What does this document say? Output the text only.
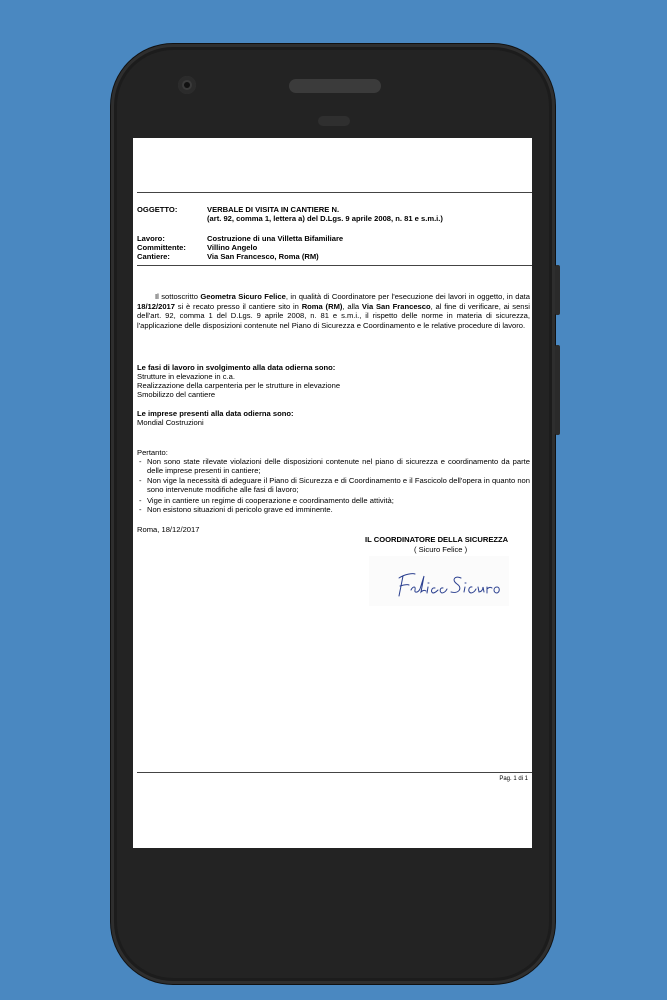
OGGETTO:	VERBALE DI VISITA IN CANTIERE N.
(art. 92, comma 1, lettera a) del D.Lgs. 9 aprile 2008, n. 81 e s.m.i.)
Lavoro:	Costruzione di una Villetta Bifamiliare
Committente:	Villino Angelo
Cantiere:	Via San Francesco, Roma (RM)
Il sottoscritto Geometra Sicuro Felice, in qualità di Coordinatore per l'esecuzione dei lavori in oggetto, in data 18/12/2017 si è recato presso il cantiere sito in Roma (RM), alla Via San Francesco, al fine di verificare, ai sensi dell'art. 92, comma 1 del D.Lgs. 9 aprile 2008, n. 81 e s.m.i., il rispetto delle norme in materia di sicurezza, l'applicazione delle disposizioni contenute nel Piano di Sicurezza e Coordinamento e le relative procedure di lavoro.
Le fasi di lavoro in svolgimento alla data odierna sono:
Strutture in elevazione in c.a.
Realizzazione della carpenteria per le strutture in elevazione
Smobilizzo del cantiere
Le imprese presenti alla data odierna sono:
Mondial Costruzioni
Pertanto:
- Non sono state rilevate violazioni delle disposizioni contenute nel piano di sicurezza e coordinamento da parte delle imprese presenti in cantiere;
- Non vige la necessità di adeguare il Piano di Sicurezza e di Coordinamento e il Fascicolo dell'opera in quanto non sono intervenute modifiche alle fasi di lavoro;
- Vige in cantiere un regime di cooperazione e coordinamento delle attività;
- Non esistono situazioni di pericolo grave ed imminente.
Roma, 18/12/2017
IL COORDINATORE DELLA SICUREZZA
( Sicuro Felice )
Pag. 1 di 1
